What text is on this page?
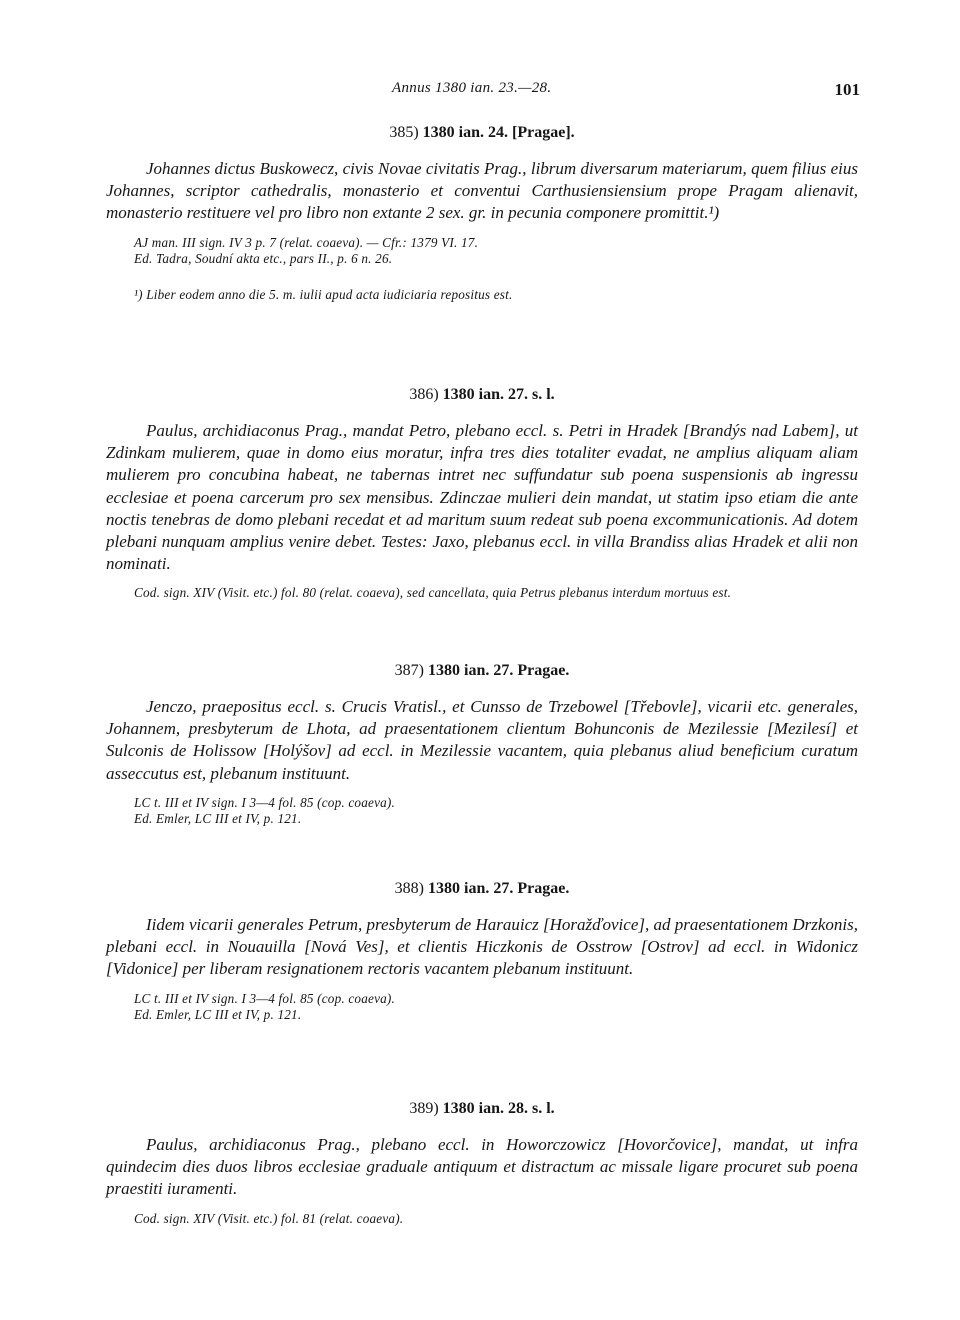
Annus 1380 ian. 23.—28.	101
385) 1380 ian. 24. [Pragae].

Johannes dictus Buskowecz, civis Novae civitatis Prag., librum diversarum materiarum, quem filius eius Johannes, scriptor cathedralis, monasterio et conventui Carthusiensiensium prope Pragam alienavit, monasterio restituere vel pro libro non extante 2 sex. gr. in pecunia componere promittit.¹)

AJ man. III sign. IV 3 p. 7 (relat. coaeva). — Cfr.: 1379 VI. 17.
Ed. Tadra, Soudní akta etc., pars II., p. 6 n. 26.
¹) Liber eodem anno die 5. m. iulii apud acta iudiciaria repositus est.
386) 1380 ian. 27. s. l.

Paulus, archidiaconus Prag., mandat Petro, plebano eccl. s. Petri in Hradek [Brandýs nad Labem], ut Zdinkam mulierem, quae in domo eius moratur, infra tres dies totaliter evadat, ne amplius aliquam aliam mulierem pro concubina habeat, ne tabernas intret nec suffundatur sub poena suspensionis ab ingressu ecclesiae et poena carcerum pro sex mensibus. Zdinczae mulieri dein mandat, ut statim ipso etiam die ante noctis tenebras de domo plebani recedat et ad maritum suum redeat sub poena excommunicationis. Ad dotem plebani nunquam amplius venire debet. Testes: Jaxo, plebanus eccl. in villa Brandiss alias Hradek et alii non nominati.

Cod. sign. XIV (Visit. etc.) fol. 80 (relat. coaeva), sed cancellata, quia Petrus plebanus interdum mortuus est.
387) 1380 ian. 27. Pragae.

Jenczo, praepositus eccl. s. Crucis Vratisl., et Cunsso de Trzebowel [Třebovle], vicarii etc. generales, Johannem, presbyterum de Lhota, ad praesentationem clientum Bohunconis de Mezilessie [Mezilesí] et Sulconis de Holissow [Holýšov] ad eccl. in Mezilessie vacantem, quia plebanus aliud beneficium curatum asseccutus est, plebanum instituunt.

LC t. III et IV sign. I 3—4 fol. 85 (cop. coaeva).
Ed. Emler, LC III et IV, p. 121.
388) 1380 ian. 27. Pragae.

Iidem vicarii generales Petrum, presbyterum de Harauicz [Horažďovice], ad praesentationem Drzkonis, plebani eccl. in Nouauilla [Nová Ves], et clientis Hiczkonis de Osstrow [Ostrov] ad eccl. in Widonicz [Vidonice] per liberam resignationem rectoris vacantem plebanum instituunt.

LC t. III et IV sign. I 3—4 fol. 85 (cop. coaeva).
Ed. Emler, LC III et IV, p. 121.
389) 1380 ian. 28. s. l.

Paulus, archidiaconus Prag., plebano eccl. in Howorczowicz [Hovorčovice], mandat, ut infra quindecim dies duos libros ecclesiae graduale antiquum et distractum ac missale ligare procuret sub poena praestiti iuramenti.

Cod. sign. XIV (Visit. etc.) fol. 81 (relat. coaeva).
